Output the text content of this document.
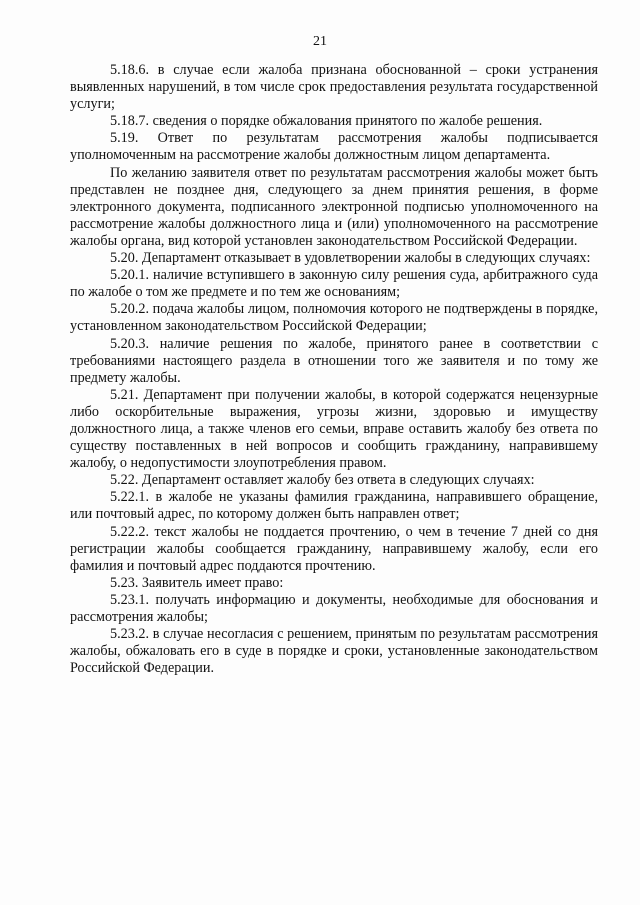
21

5.18.6. в случае если жалоба признана обоснованной – сроки устранения выявленных нарушений, в том числе срок предоставления результата государственной услуги;

5.18.7. сведения о порядке обжалования принятого по жалобе решения.

5.19. Ответ по результатам рассмотрения жалобы подписывается уполномоченным на рассмотрение жалобы должностным лицом департамента.

По желанию заявителя ответ по результатам рассмотрения жалобы может быть представлен не позднее дня, следующего за днем принятия решения, в форме электронного документа, подписанного электронной подписью уполномоченного на рассмотрение жалобы должностного лица и (или) уполномоченного на рассмотрение жалобы органа, вид которой установлен законодательством Российской Федерации.

5.20. Департамент отказывает в удовлетворении жалобы в следующих случаях:

5.20.1. наличие вступившего в законную силу решения суда, арбитражного суда по жалобе о том же предмете и по тем же основаниям;

5.20.2. подача жалобы лицом, полномочия которого не подтверждены в порядке, установленном законодательством Российской Федерации;

5.20.3. наличие решения по жалобе, принятого ранее в соответствии с требованиями настоящего раздела в отношении того же заявителя и по тому же предмету жалобы.

5.21. Департамент при получении жалобы, в которой содержатся нецензурные либо оскорбительные выражения, угрозы жизни, здоровью и имуществу должностного лица, а также членов его семьи, вправе оставить жалобу без ответа по существу поставленных в ней вопросов и сообщить гражданину, направившему жалобу, о недопустимости злоупотребления правом.

5.22. Департамент оставляет жалобу без ответа в следующих случаях:

5.22.1. в жалобе не указаны фамилия гражданина, направившего обращение, или почтовый адрес, по которому должен быть направлен ответ;

5.22.2. текст жалобы не поддается прочтению, о чем в течение 7 дней со дня регистрации жалобы сообщается гражданину, направившему жалобу, если его фамилия и почтовый адрес поддаются прочтению.

5.23. Заявитель имеет право:

5.23.1. получать информацию и документы, необходимые для обоснования и рассмотрения жалобы;

5.23.2. в случае несогласия с решением, принятым по результатам рассмотрения жалобы, обжаловать его в суде в порядке и сроки, установленные законодательством Российской Федерации.
